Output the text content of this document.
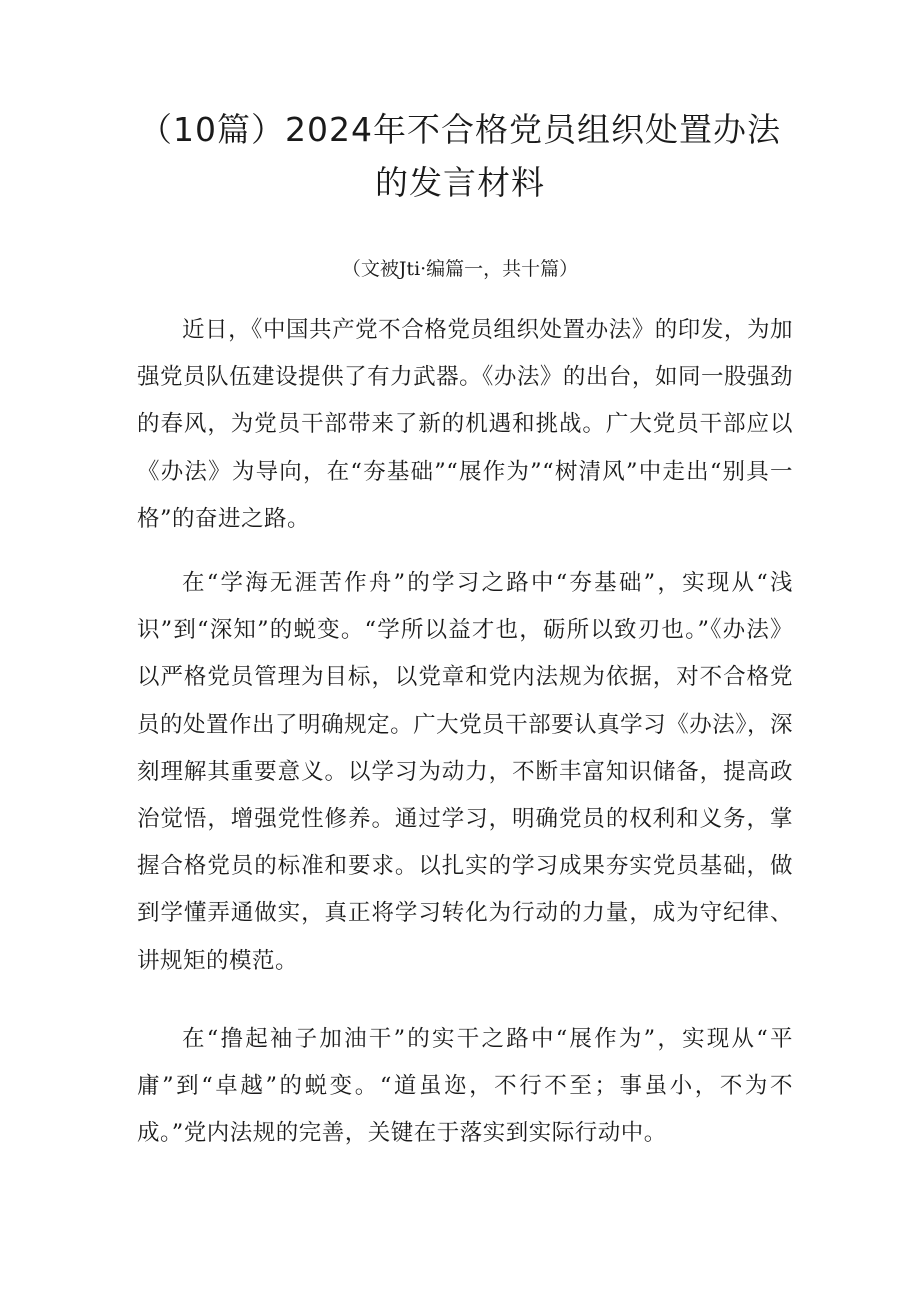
（10篇）2024年不合格党员组织处置办法
的发言材料
（文被Jti·编篇一，共十篇）

近日，《中国共产党不合格党员组织处置办法》的印发，为加强党员队伍建设提供了有力武器。《办法》的出台，如同一股强劲的春风，为党员干部带来了新的机遇和挑战。广大党员干部应以《办法》为导向，在“夯基础”“展作为”“树清风”中走出“别具一格”的奋进之路。

在“学海无涯苦作舟”的学习之路中“夯基础”，实现从“浅识”到“深知”的蜕变。“学所以益才也，砺所以致刃也。”《办法》以严格党员管理为目标，以党章和党内法规为依据，对不合格党员的处置作出了明确规定。广大党员干部要认真学习《办法》，深刻理解其重要意义。以学习为动力，不断丰富知识储备，提高政治觉悟，增强党性修养。通过学习，明确党员的权利和义务，掌握合格党员的标准和要求。以扎实的学习成果夯实党员基础，做到学懂弄通做实，真正将学习转化为行动的力量，成为守纪律、讲规矩的模范。

在“撸起袖子加油干”的实干之路中“展作为”，实现从“平庸”到“卓越”的蜕变。“道虽迩，不行不至；事虽小，不为不成。”党内法规的完善，关键在于落实到实际行动中。
